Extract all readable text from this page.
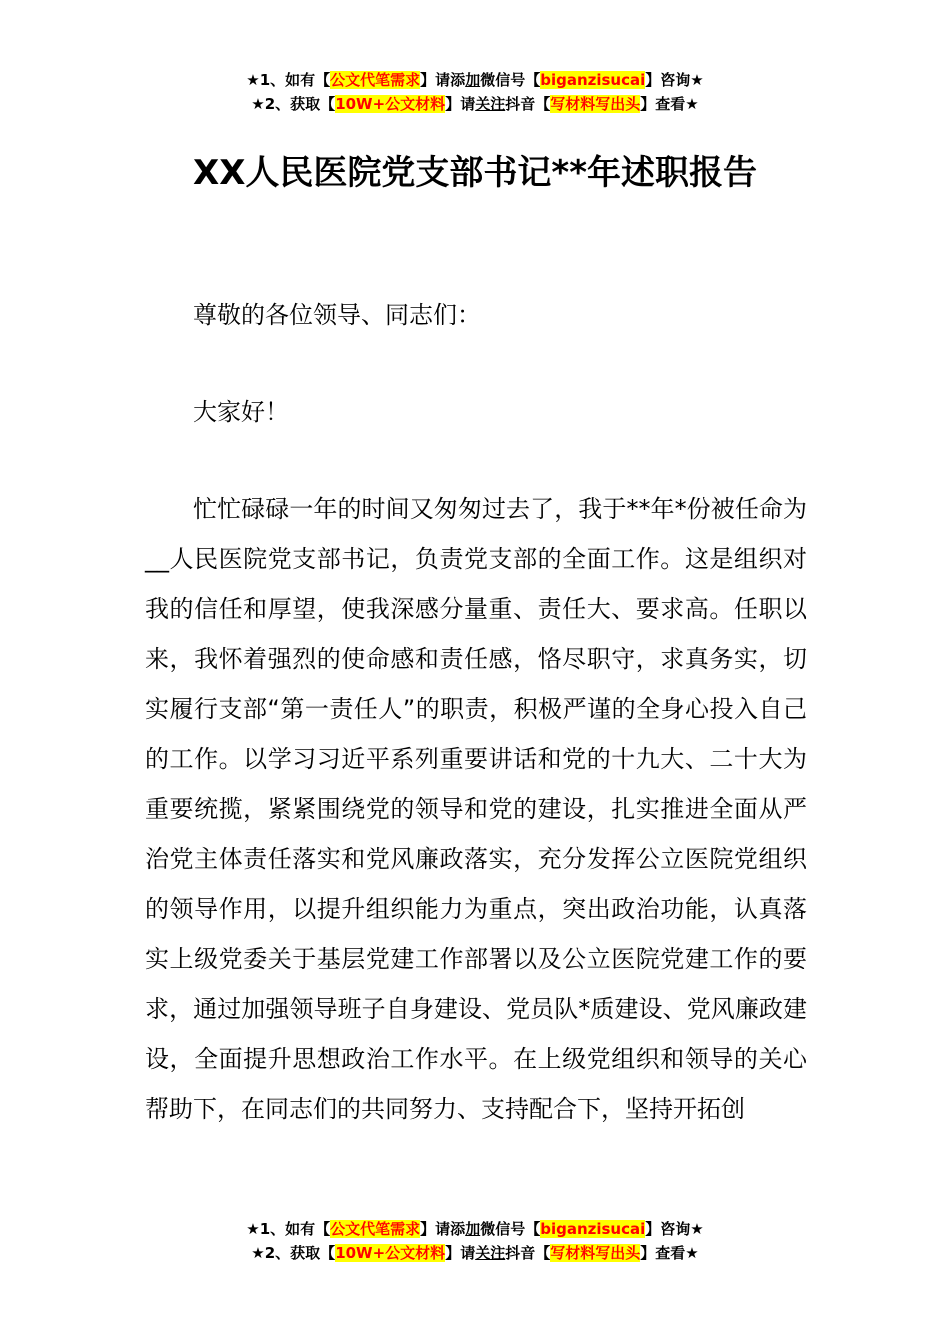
★1、如有【公文代笔需求】请添加微信号【biganzisucai】咨询★
★2、获取【10W+公文材料】请关注抖音【写材料写出头】查看★
XX人民医院党支部书记**年述职报告

尊敬的各位领导、同志们：

大家好！

忙忙碌碌一年的时间又匆匆过去了，我于**年*份被任命为__人民医院党支部书记，负责党支部的全面工作。这是组织对我的信任和厚望，使我深感分量重、责任大、要求高。任职以来，我怀着强烈的使命感和责任感，恪尽职守，求真务实，切实履行支部“第一责任人”的职责，积极严谨的全身心投入自己的工作。以学习习近平系列重要讲话和党的十九大、二十大为重要统揽，紧紧围绕党的领导和党的建设，扎实推进全面从严治党主体责任落实和党风廉政落实，充分发挥公立医院党组织的领导作用，以提升组织能力为重点，突出政治功能，认真落实上级党委关于基层党建工作部署以及公立医院党建工作的要求，通过加强领导班子自身建设、党员队*质建设、党风廉政建设，全面提升思想政治工作水平。在上级党组织和领导的关心帮助下，在同志们的共同努力、支持配合下，坚持开拓创

★1、如有【公文代笔需求】请添加微信号【biganzisucai】咨询★
★2、获取【10W+公文材料】请关注抖音【写材料写出头】查看★
